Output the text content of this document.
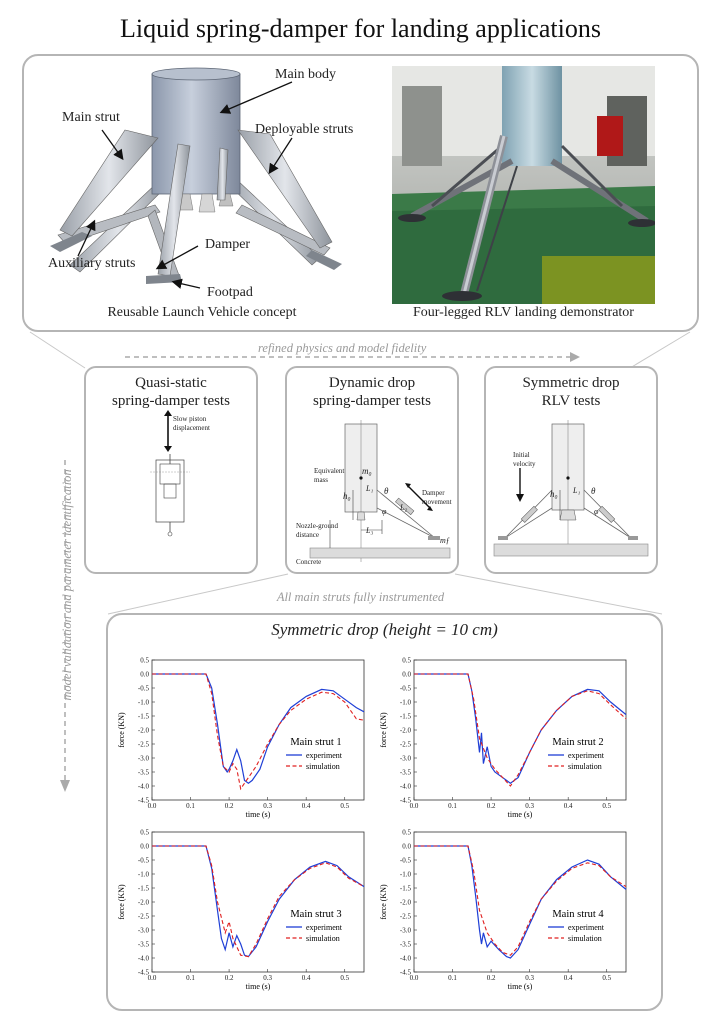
Liquid spring-damper for landing applications
Main body
Main strut
Deployable struts
Auxiliary struts
Damper
Footpad
Reusable Launch Vehicle concept	Four-legged RLV landing demonstrator
refined physics and model fidelity
model validation and parameter identification
Quasi-static
spring-damper tests
Slow piston
displacement
Dynamic drop
spring-damper tests
Equivalent
mass
m₀
h₀
L₁ θ
φ L₂
L₃
mƒ
Damper
movement
Nozzle-ground
distance
Concrete
Symmetric drop
RLV tests
Initial
velocity
h₀ L₁ θ
φ
All main struts fully instrumented
Symmetric drop (height = 10 cm)
0.5
0.0
-0.5
-1.0
-1.5
-2.0
-2.5
-3.0
-3.5
-4.0
-4.5
0.0	0.1	0.2	0.3	0.4	0.5
time (s)
force (KN)	Main strut 1
experiment
simulation
0.5
0.0
-0.5
-1.0
-1.5
-2.0
-2.5
-3.0
-3.5
-4.0
-4.5
0.0	0.1	0.2	0.3	0.4	0.5
time (s)
force (KN)	Main strut 2
experiment
simulation
0.5
0.0
-0.5
-1.0
-1.5
-2.0
-2.5
-3.0
-3.5
-4.0
-4.5
0.0	0.1	0.2	0.3	0.4	0.5
time (s)
force (KN)	Main strut 3
experiment
simulation
0.5
0.0
-0.5
-1.0
-1.5
-2.0
-2.5
-3.0
-3.5
-4.0
-4.5
0.0	0.1	0.2	0.3	0.4	0.5
time (s)
force (KN)	Main strut 4
experiment
simulation
